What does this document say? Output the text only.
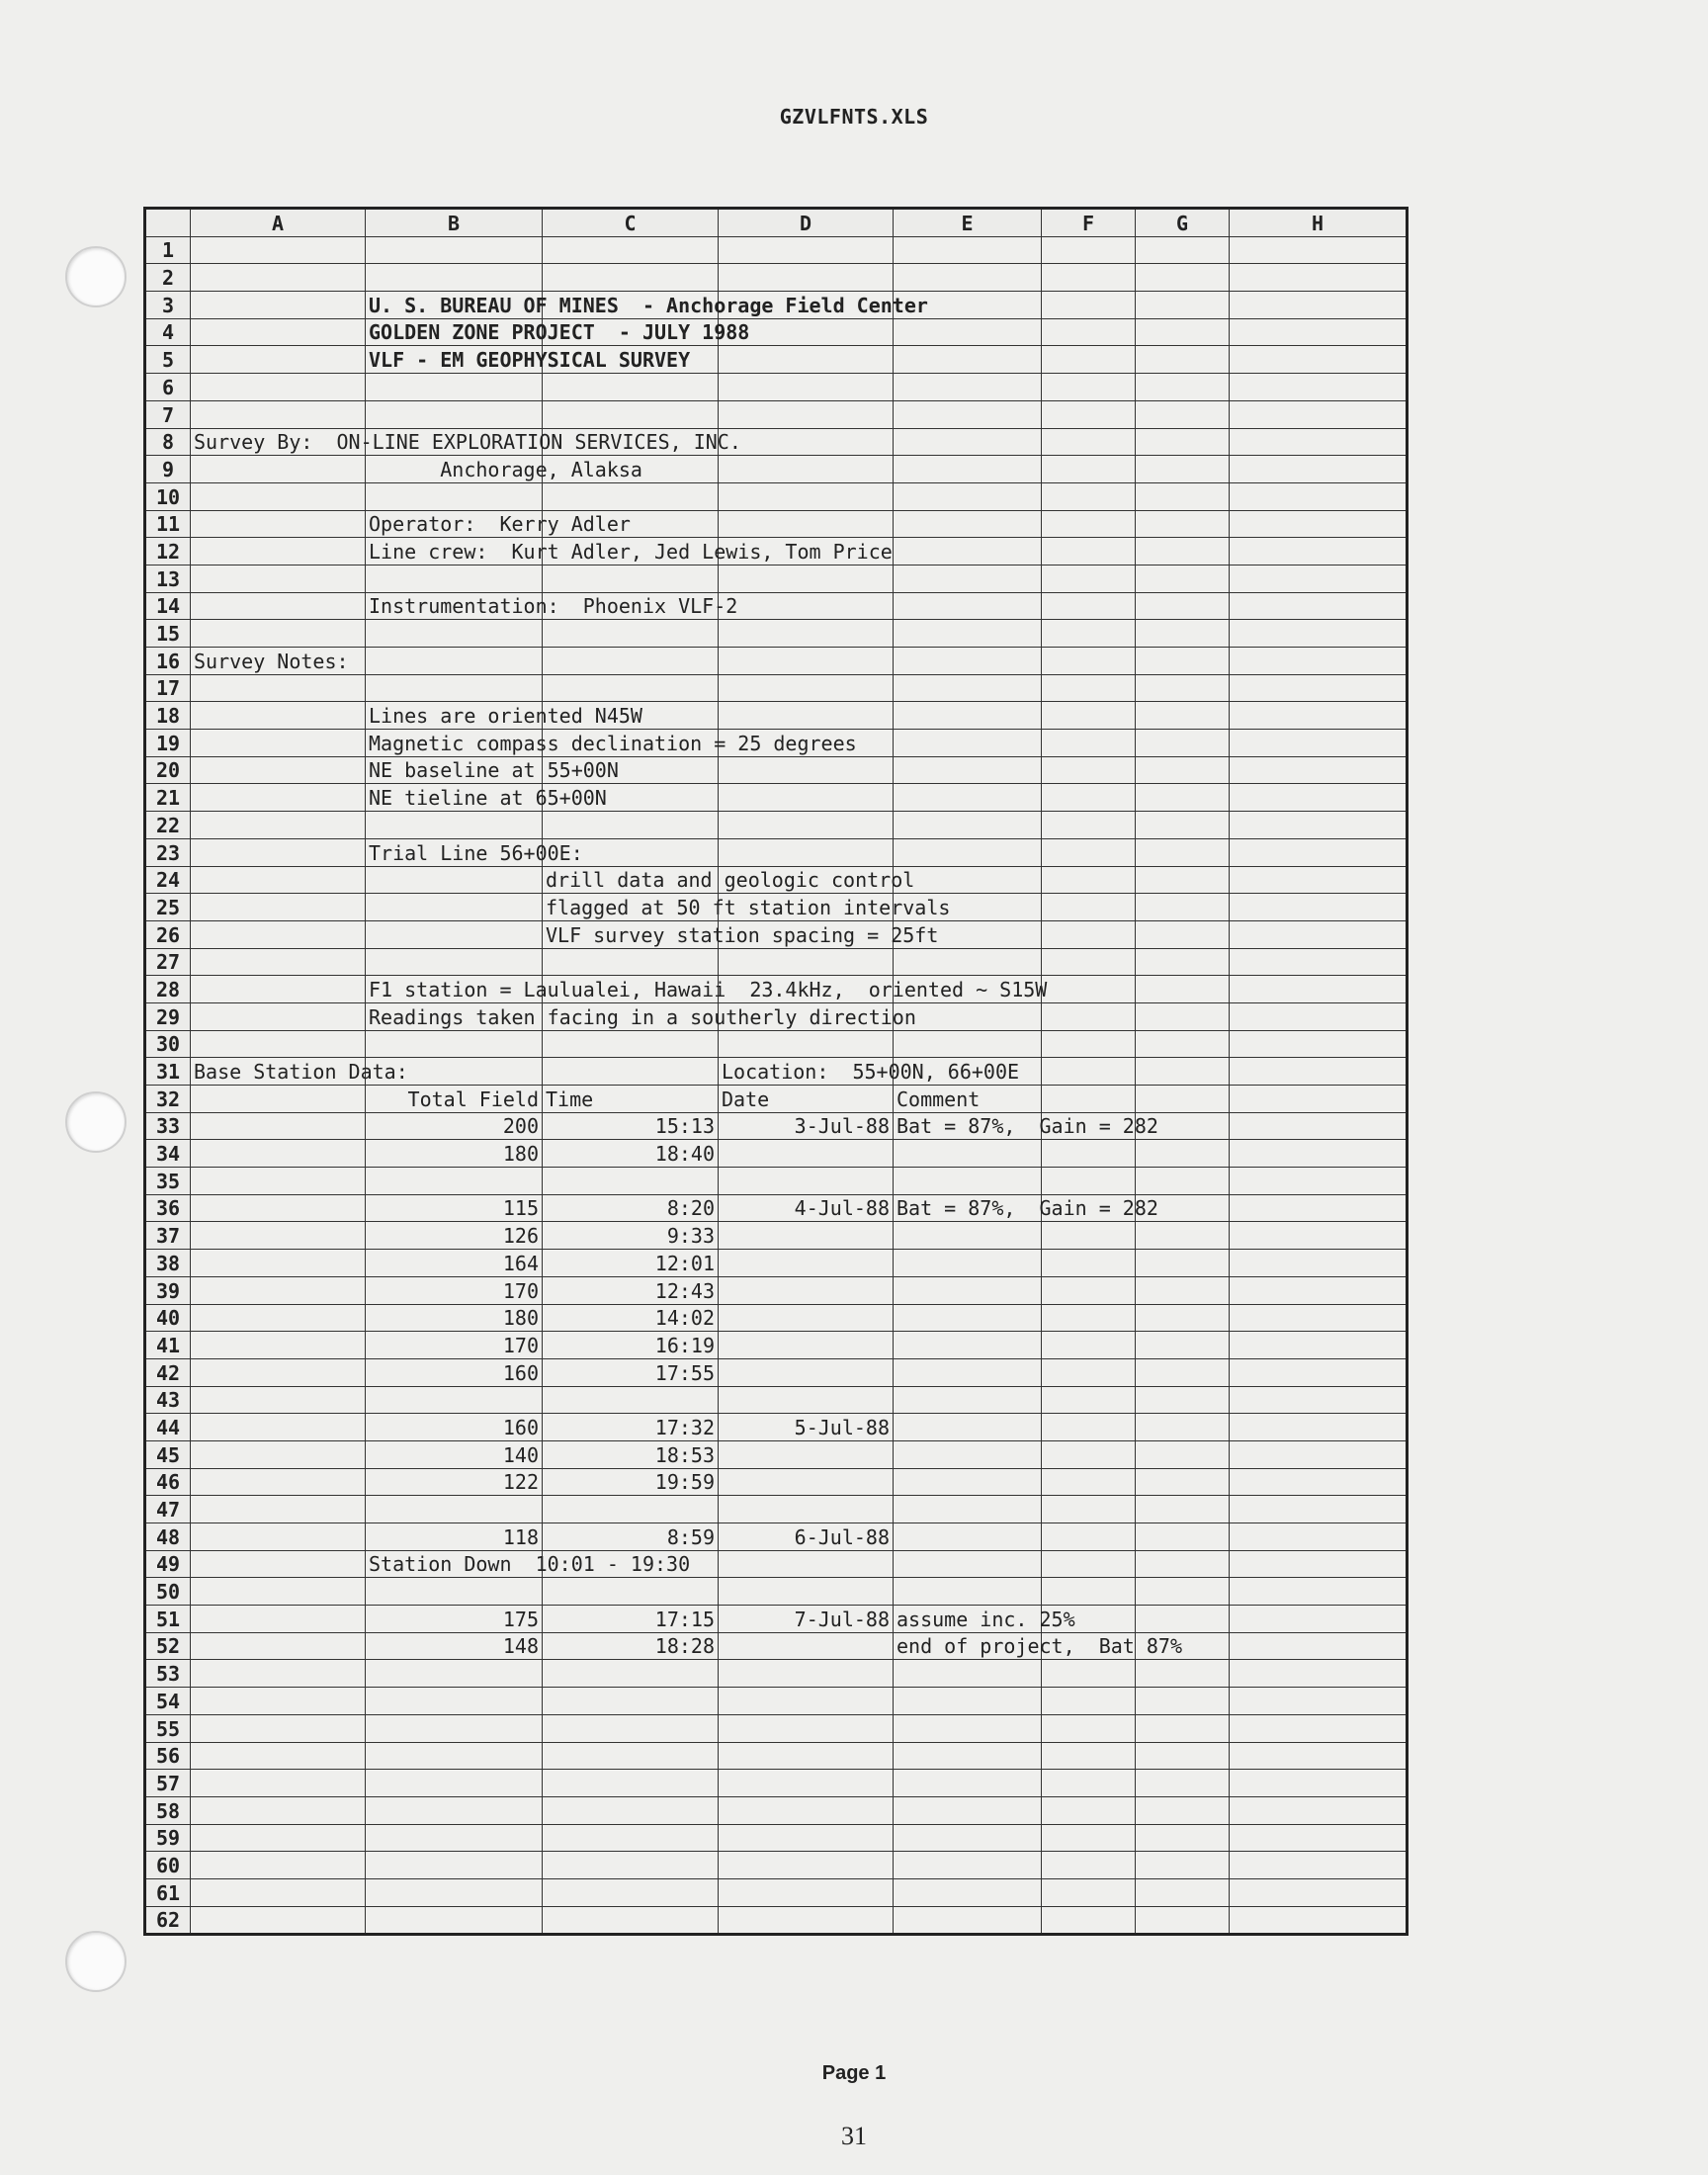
GZVLFNTS.XLS
	A	B	C	D	E	F	G	H
1								
2								
3		U. S. BUREAU OF MINES  - Anchorage Field Center						

4		GOLDEN ZONE PROJECT  - JULY 1988						

5		VLF - EM GEOPHYSICAL SURVEY						

6								
7								
8	Survey By:  ON-LINE EXPLORATION SERVICES, INC.							

9		Anchorage, Alaksa						

10								
11		Operator:  Kerry Adler						

12		Line crew:  Kurt Adler, Jed Lewis, Tom Price						

13								
14		Instrumentation:  Phoenix VLF-2						

15								
16	Survey Notes:							

17								
18		Lines are oriented N45W						

19		Magnetic compass declination = 25 degrees						

20		NE baseline at 55+00N						

21		NE tieline at 65+00N						

22								
23		Trial Line 56+00E:						

24			drill data and geologic control					

25			flagged at 50 ft station intervals					

26			VLF survey station spacing = 25ft					

27								
28		F1 station = Laulualei, Hawaii  23.4kHz,  oriented ~ S15W						

29		Readings taken facing in a southerly direction						

30								
31	Base Station Data:			Location:  55+00N, 66+00E				

32		Total Field	Time	Date	Comment			

33		200	15:13	3-Jul-88	Bat = 87%,  Gain = 282			

34		180	18:40					
35								
36		115	8:20	4-Jul-88	Bat = 87%,  Gain = 282			

37		126	9:33					
38		164	12:01					
39		170	12:43					
40		180	14:02					
41		170	16:19					
42		160	17:55					
43								
44		160	17:32	5-Jul-88				
45		140	18:53					
46		122	19:59					
47								
48		118	8:59	6-Jul-88				
49		Station Down  10:01 - 19:30						

50								
51		175	17:15	7-Jul-88	assume inc. 25%			

52		148	18:28		end of project,  Bat 87%			

53								
54								
55								
56								
57								
58								
59								
60								
61								
62								
Page 1
31
